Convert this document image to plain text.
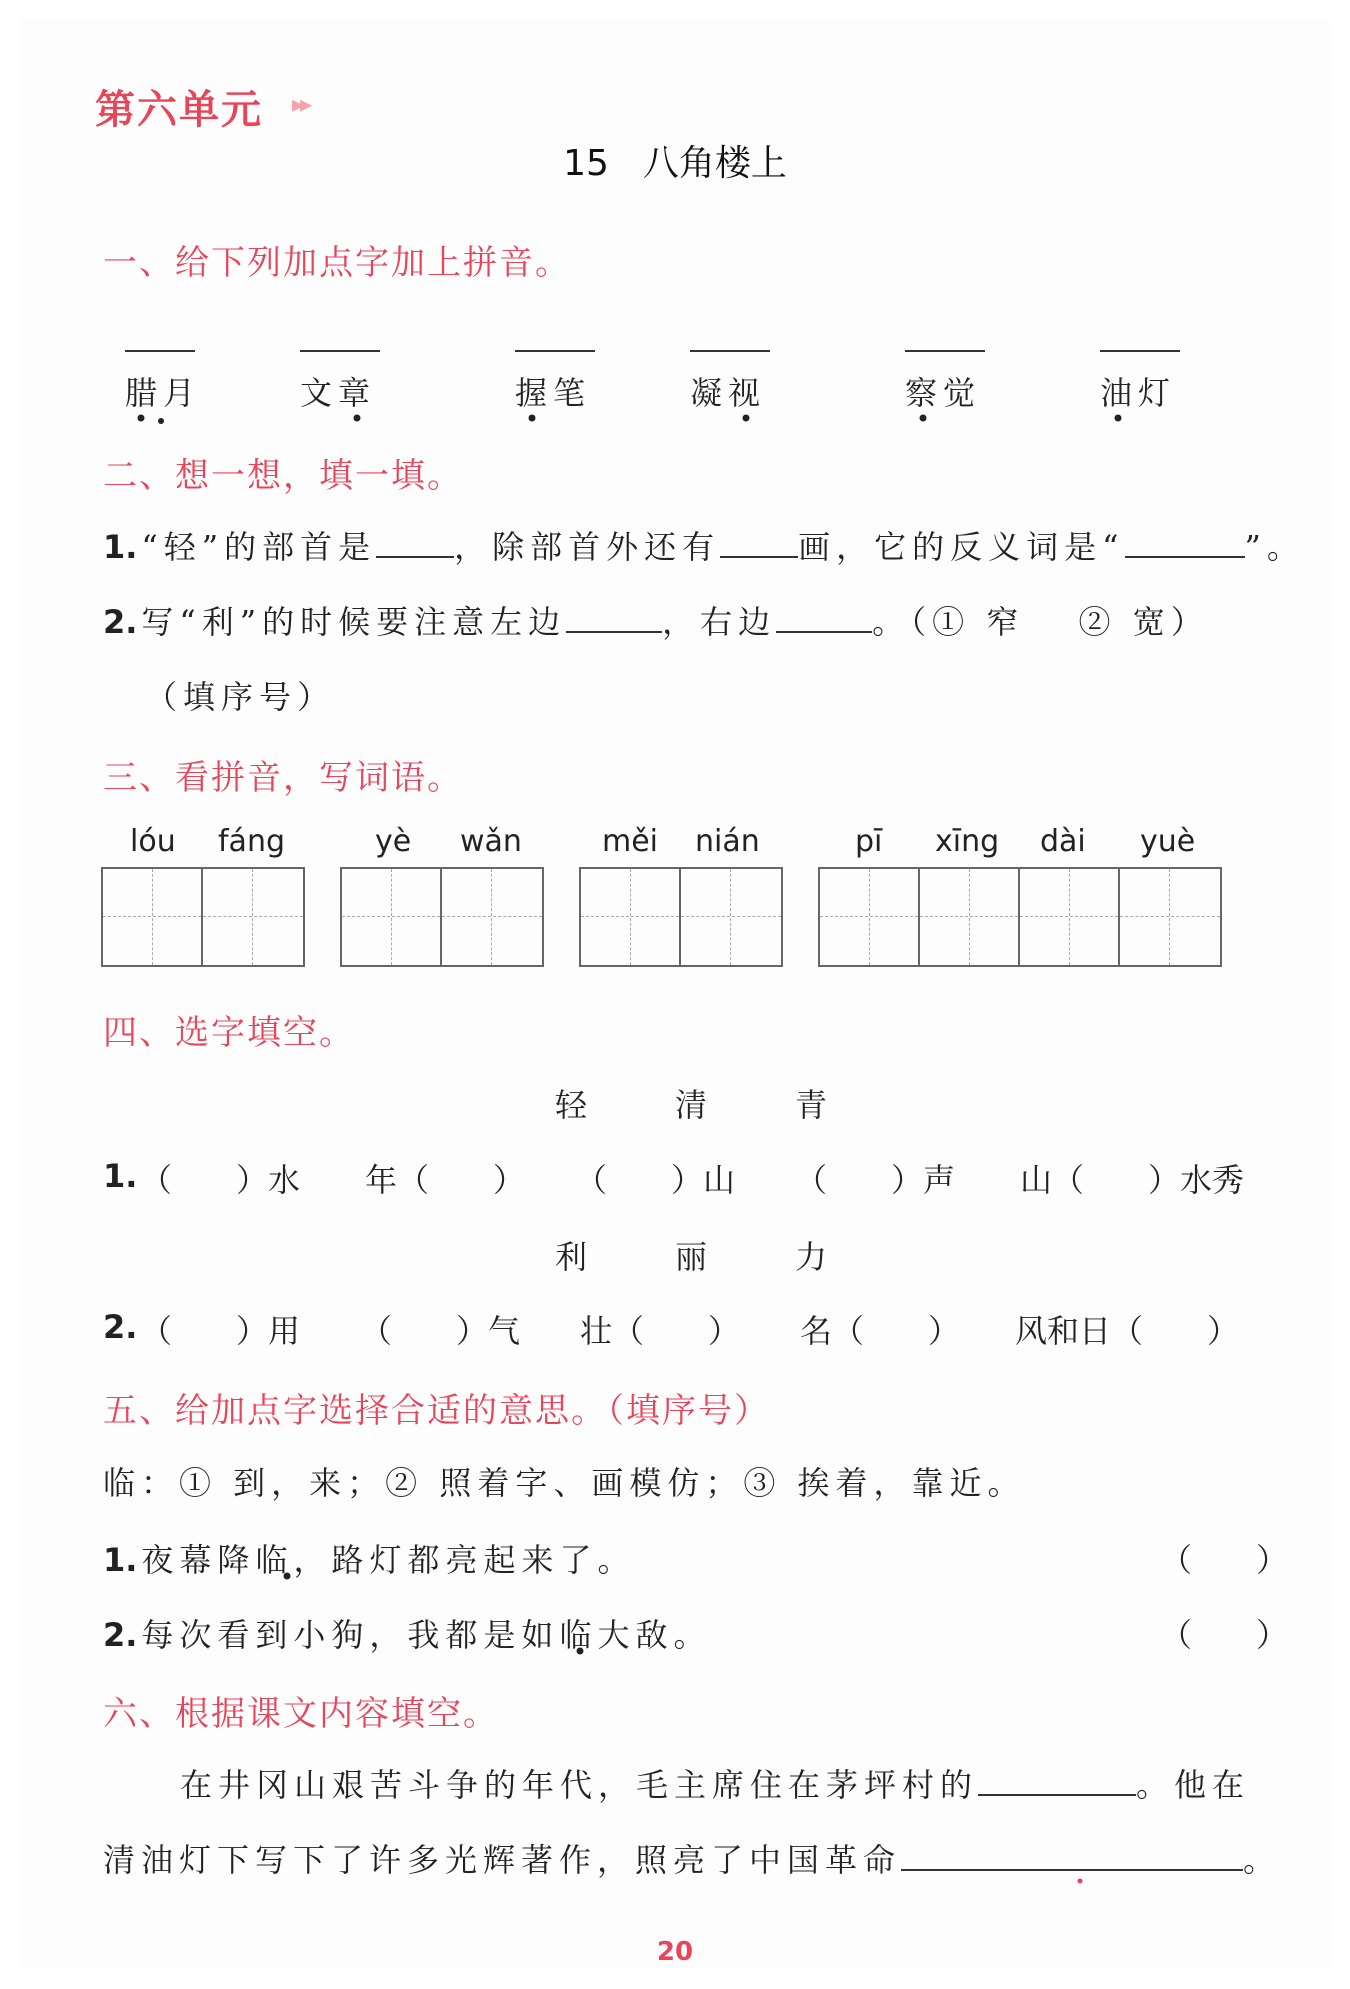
第六单元 ▸▸
15 八角楼上
一、给下列加点字加上拼音。
腊月	文章	握笔	凝视	察觉	油灯
二、想一想，填一填。
1. “轻”的部首是 ，除部首外还有 画，它的反义词是“	”。
2. 写“利”的时候要注意左边	，右边	。（① 窄　 ② 宽）
（填序号）
三、看拼音，写词语。
lóu fáng	yè wǎn	měi nián	pī xīng dài yuè
四、选字填空。
轻	清	青
1. （　　）水 年（　　） （　　）山 （　　）声 山（　　）水秀
利	丽	力
2. （　　）用 （　　）气 壮（　　） 名（　　） 风和日（　　）
五、给加点字选择合适的意思。（填序号）
临：① 到，来；② 照着字、画模仿；③ 挨着，靠近。
1. 夜幕降临，路灯都亮起来了。	（　　）
2. 每次看到小狗，我都是如临大敌。	（　　）
六、根据课文内容填空。
在井冈山艰苦斗争的年代，毛主席住在茅坪村的	。他在
清油灯下写下了许多光辉著作，照亮了中国革命	。
20
